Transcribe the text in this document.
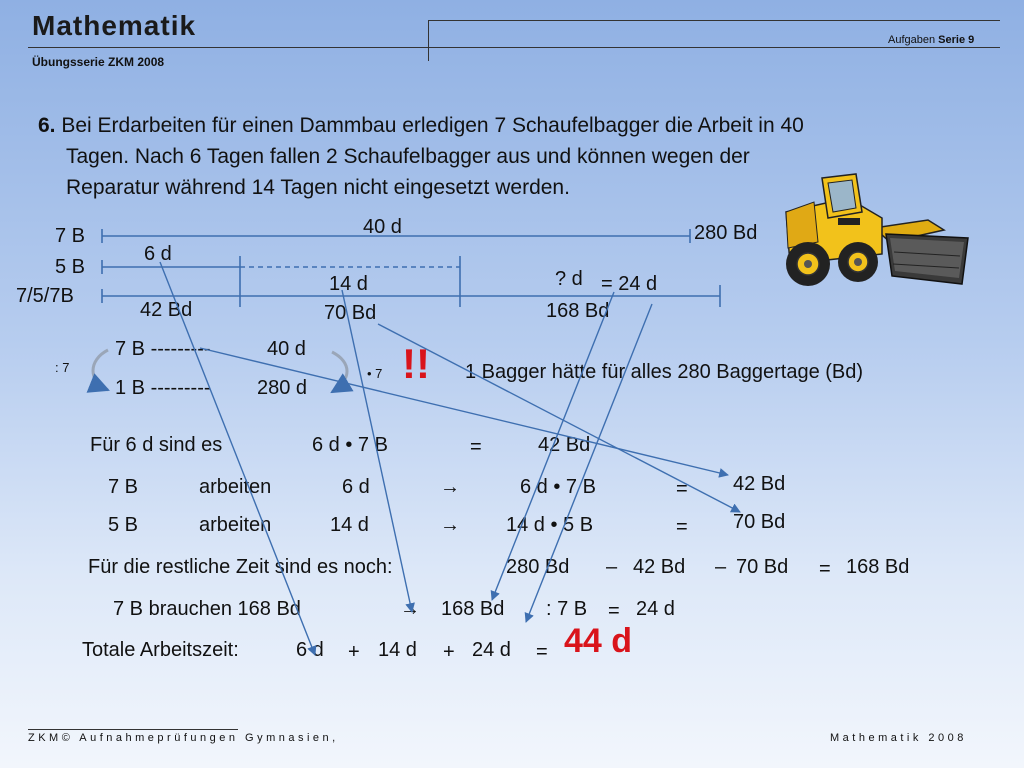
Mathematik
Übungsserie ZKM 2008
Aufgaben Serie 9
6. Bei Erdarbeiten für einen Dammbau erledigen 7 Schaufelbagger die Arbeit in 40
Tagen. Nach 6 Tagen fallen 2 Schaufelbagger aus und können wegen der
Reparatur während 14 Tagen nicht eingesetzt werden.
7 B
5 B
7/5/7B
40 d	280 Bd
6 d
14 d	? d = 24 d
42 Bd	70 Bd	168 Bd
7 B ---------	40 d
1 B --------- 280 d
: 7	• 7 !! 1 Bagger hätte für alles 280 Baggertage (Bd)
Für 6 d sind es	6 d • 7 B	=	42 Bd
7 B	arbeiten	6 d	→	6 d • 7 B	= 42 Bd
5 B	arbeiten	14 d	→ 14 d • 5 B	= 70 Bd
Für die restliche Zeit sind es noch:	280 Bd – 42 Bd – 70 Bd = 168 Bd
7 B brauchen 168 Bd	→ 168 Bd : 7 B = 24 d
Totale Arbeitszeit:	6 d + 14 d + 24 d = 44 d
ZKM© Aufnahmeprüfungen Gymnasien,	Mathematik 2008
